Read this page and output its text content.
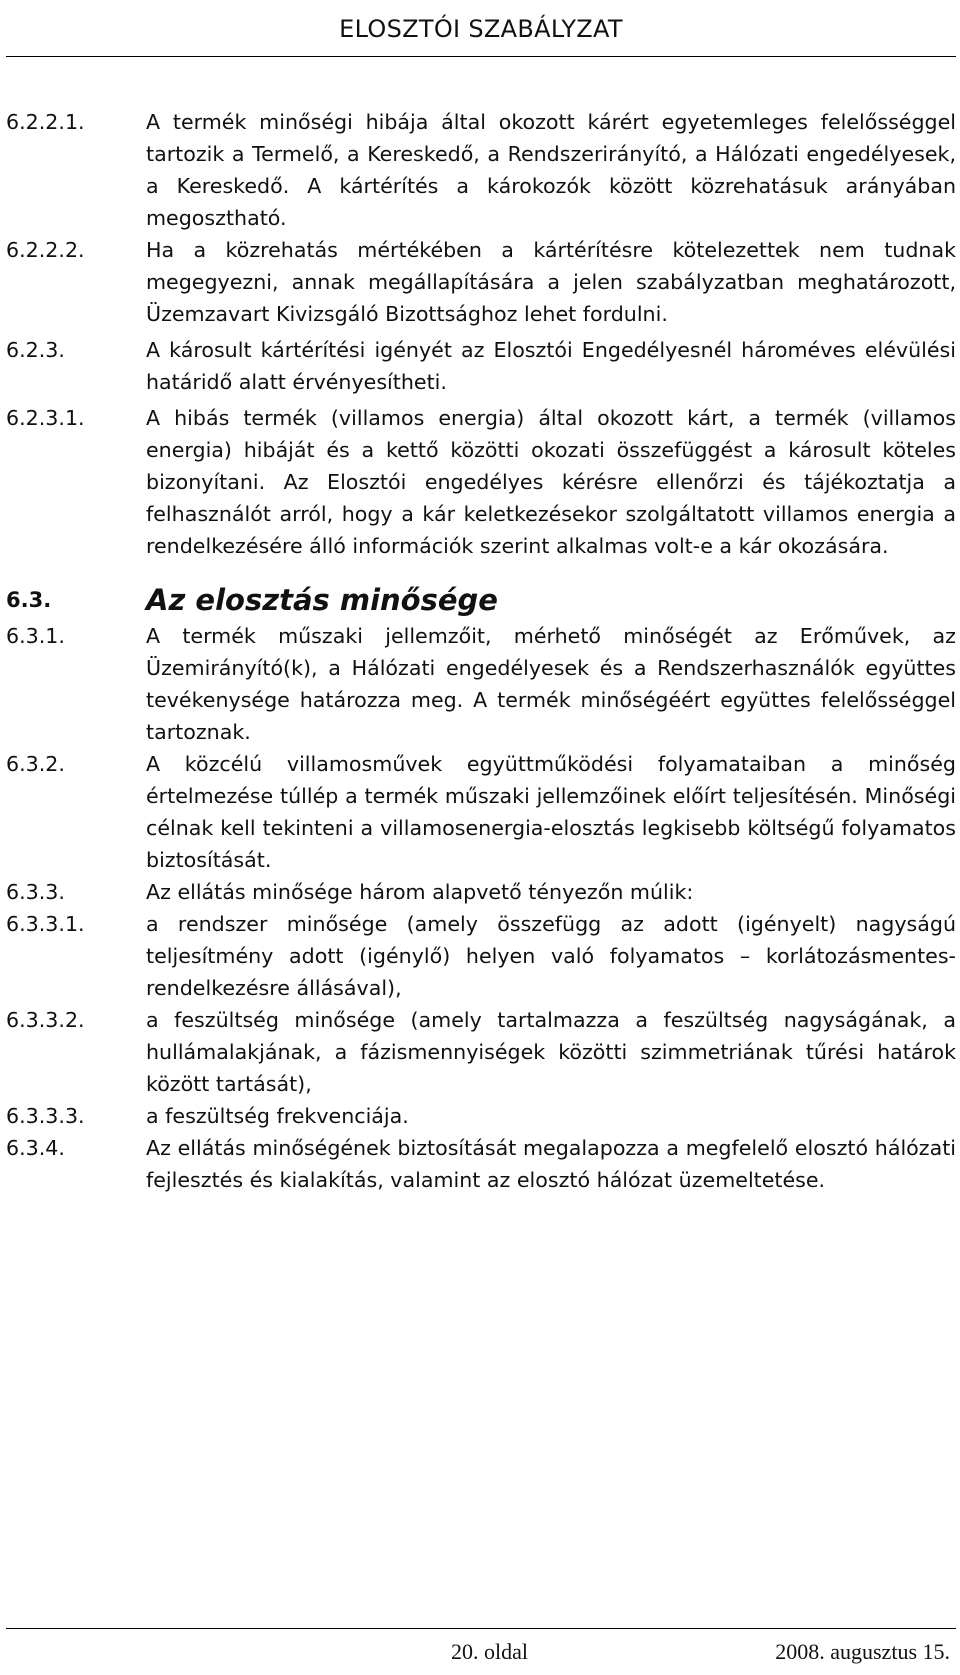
ELOSZTÓI SZABÁLYZAT
6.2.2.1.	A termék minőségi hibája által okozott kárért egyetemleges felelősséggel tartozik a Termelő, a Kereskedő, a Rendszerirányító, a Hálózati engedélyesek, a Kereskedő. A kártérítés a károkozók között közrehatásuk arányában megosztható.
6.2.2.2.	Ha a közrehatás mértékében a kártérítésre kötelezettek nem tudnak megegyezni, annak megállapítására a jelen szabályzatban meghatározott, Üzemzavart Kivizsgáló Bizottsághoz lehet fordulni.
6.2.3.	A károsult kártérítési igényét az Elosztói Engedélyesnél hároméves elévülési határidő alatt érvényesítheti.
6.2.3.1.	A hibás termék (villamos energia) által okozott kárt, a termék (villamos energia) hibáját és a kettő közötti okozati összefüggést a károsult köteles bizonyítani. Az Elosztói engedélyes kérésre ellenőrzi és tájékoztatja a felhasználót arról, hogy a kár keletkezésekor szolgáltatott villamos energia a rendelkezésére álló információk szerint alkalmas volt-e a kár okozására.
6.3.	Az elosztás minősége
6.3.1.	A termék műszaki jellemzőit, mérhető minőségét az Erőművek, az Üzemirányító(k), a Hálózati engedélyesek és a Rendszerhasználók együttes tevékenysége határozza meg. A termék minőségéért együttes felelősséggel tartoznak.
6.3.2.	A közcélú villamosművek együttműködési folyamataiban a minőség értelmezése túllép a termék műszaki jellemzőinek előírt teljesítésén. Minőségi célnak kell tekinteni a villamosenergia-elosztás legkisebb költségű folyamatos biztosítását.
6.3.3.	Az ellátás minősége három alapvető tényezőn múlik:
6.3.3.1.	a rendszer minősége (amely összefügg az adott (igényelt) nagyságú teljesítmény adott (igénylő) helyen való folyamatos – korlátozásmentes- rendelkezésre állásával),
6.3.3.2.	a feszültség minősége (amely tartalmazza a feszültség nagyságának, a hullámalakjának, a fázismennyiségek közötti szimmetriának tűrési határok között tartását),
6.3.3.3.	a feszültség frekvenciája.
6.3.4.	Az ellátás minőségének biztosítását megalapozza a megfelelő elosztó hálózati fejlesztés és kialakítás, valamint az elosztó hálózat üzemeltetése.
20. oldal	2008. augusztus 15.
